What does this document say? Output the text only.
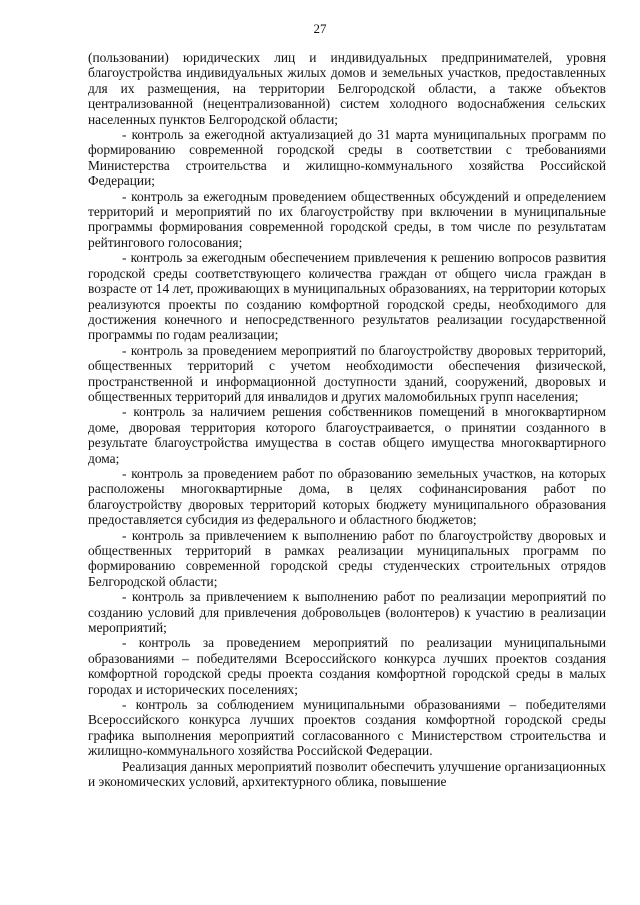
27

(пользовании) юридических лиц и индивидуальных предпринимателей, уровня благоустройства индивидуальных жилых домов и земельных участков, предоставленных для их размещения, на территории Белгородской области, а также объектов централизованной (нецентрализованной) систем холодного водоснабжения сельских населенных пунктов Белгородской области;

- контроль за ежегодной актуализацией до 31 марта муниципальных программ по формированию современной городской среды в соответствии с требованиями Министерства строительства и жилищно-коммунального хозяйства Российской Федерации;

- контроль за ежегодным проведением общественных обсуждений и определением территорий и мероприятий по их благоустройству при включении в муниципальные программы формирования современной городской среды, в том числе по результатам рейтингового голосования;

- контроль за ежегодным обеспечением привлечения к решению вопросов развития городской среды соответствующего количества граждан от общего числа граждан в возрасте от 14 лет, проживающих в муниципальных образованиях, на территории которых реализуются проекты по созданию комфортной городской среды, необходимого для достижения конечного и непосредственного результатов реализации государственной программы по годам реализации;

- контроль за проведением мероприятий по благоустройству дворовых территорий, общественных территорий с учетом необходимости обеспечения физической, пространственной и информационной доступности зданий, сооружений, дворовых и общественных территорий для инвалидов и других маломобильных групп населения;

- контроль за наличием решения собственников помещений в многоквартирном доме, дворовая территория которого благоустраивается, о принятии созданного в результате благоустройства имущества в состав общего имущества многоквартирного дома;

- контроль за проведением работ по образованию земельных участков, на которых расположены многоквартирные дома, в целях софинансирования работ по благоустройству дворовых территорий которых бюджету муниципального образования предоставляется субсидия из федерального и областного бюджетов;

- контроль за привлечением к выполнению работ по благоустройству дворовых и общественных территорий в рамках реализации муниципальных программ по формированию современной городской среды студенческих строительных отрядов Белгородской области;

- контроль за привлечением к выполнению работ по реализации мероприятий по созданию условий для привлечения добровольцев (волонтеров) к участию в реализации мероприятий;

- контроль за проведением мероприятий по реализации муниципальными образованиями – победителями Всероссийского конкурса лучших проектов создания комфортной городской среды проекта создания комфортной городской среды в малых городах и исторических поселениях;

- контроль за соблюдением муниципальными образованиями – победителями Всероссийского конкурса лучших проектов создания комфортной городской среды графика выполнения мероприятий согласованного с Министерством строительства и жилищно-коммунального хозяйства Российской Федерации.

Реализация данных мероприятий позволит обеспечить улучшение организационных и экономических условий, архитектурного облика, повышение
